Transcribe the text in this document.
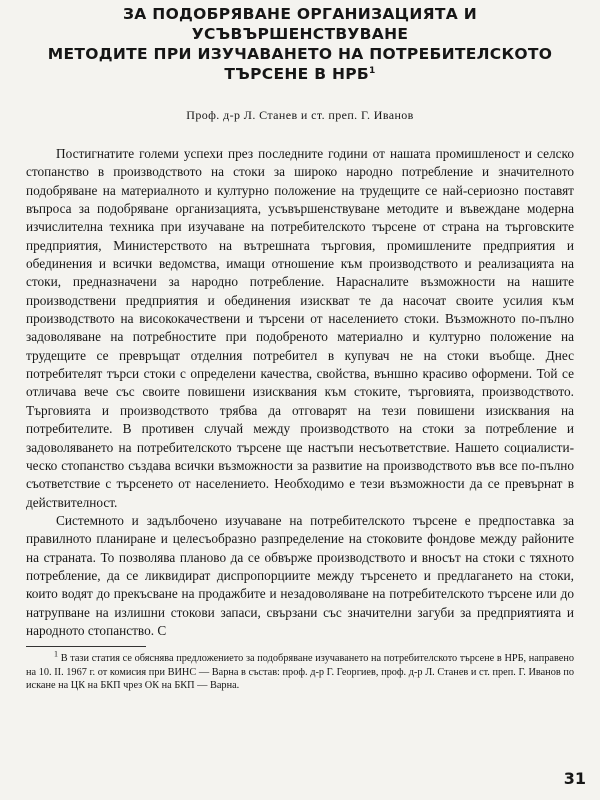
ЗА ПОДОБРЯВАНЕ ОРГАНИЗАЦИЯТА И УСЪВЪРШЕНСТВУВАНЕ
МЕТОДИТЕ ПРИ ИЗУЧАВАНЕТО НА ПОТРЕБИТЕЛСКОТО
ТЪРСЕНЕ В НРБ$^1$
Проф. д-р Л. Станев и ст. преп. Г. Иванов

Постигнатите големи успехи през последните години от нашата промишленост и селско стопанство в производството на стоки за широко народно потребление и значителното подобряване на материалното и културно положение на трудещите се най-сериозно поставят въпроса за подобряване организацията, усъвършенствуване методите и въвеждане модерна изчислителна техника при изучаване на потребителското търсене от страна на търговските предприятия, Министерството на вътрешната търговия, промишлените предприятия и обединения и всички ведомства, имащи отношение към производството и реализацията на стоки, предназначени за народно потребление. Нарасналите възможности на нашите производствени предприятия и обединения изискват те да насочат своите усилия към производството на висококачествени и търсени от населението стоки. Възможното по-пълно задоволяване на потребностите при подобреното материално и културно положение на трудещите се превръщат отделния потребител в купувач не на стоки въобще. Днес потребителят търси стоки с определени качества, свойства, външно красиво оформени. Той се отличава вече със своите повишени изисквания към стоките, търговията, производството. Търговията и производството трябва да отговарят на тези повишени изисквания на потребителите. В противен случай между производството на стоки за потребление и задоволяването на потребителското търсене ще настъпи несъответствие. Нашето социалистическо стопанство създава всички възможности за развитие на производството във все по-пълно съответствие с търсенето от населението. Необходимо е тези възможности да се превърнат в действителност.

Системното и задълбочено изучаване на потребителското търсене е предпоставка за правилното планиране и целесъобразно разпределение на стоковите фондове между районите на страната. То позволява планово да се обвърже производството и вносът на стоки с тяхното потребление, да се ликвидират диспропорциите между търсенето и предлагането на стоки, които водят до прекъсване на продажбите и незадоволяване на потребителското търсене или до натрупване на излишни стокови запаси, свързани със значителни загуби за предприятията и народното стопанство. С

$^1$ В тази статия се обяснява предложението за подобряване изучаването на потребителското търсене в НРБ, направено на 10. II. 1967 г. от комисия при ВИНС — Варна в състав: проф. д-р Г. Георгиев, проф. д-р Л. Станев и ст. преп. Г. Иванов по искане на ЦК на БКП чрез ОК на БКП — Варна.

31
